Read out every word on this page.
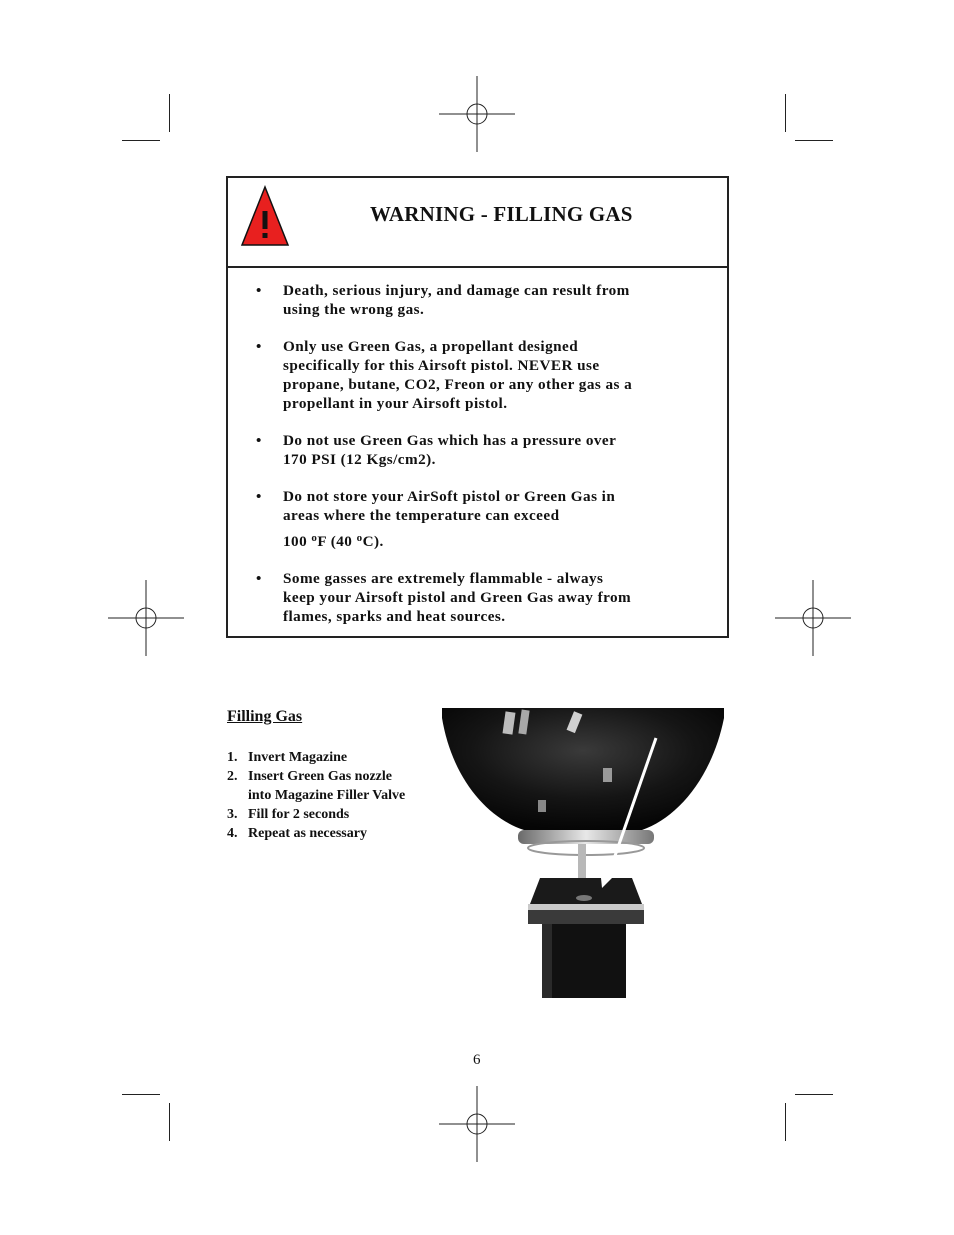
WARNING - FILLING GAS
• Death, serious injury, and damage can result from
using the wrong gas.
• Only use Green Gas, a propellant designed
specifically for this Airsoft pistol. NEVER use
propane, butane, CO2, Freon or any other gas as a
propellant in your Airsoft pistol.
• Do not use Green Gas which has a pressure over
170 PSI (12 Kgs/cm2).
• Do not store your AirSoft pistol or Green Gas in
areas where the temperature can exceed
100 $^o$F (40 $^o$C).
• Some gasses are extremely flammable - always
keep your Airsoft pistol and Green Gas away from
flames, sparks and heat sources.
Filling Gas
1. Invert Magazine
2. Insert Green Gas nozzle
into Magazine Filler Valve
3. Fill for 2 seconds
4. Repeat as necessary
6
